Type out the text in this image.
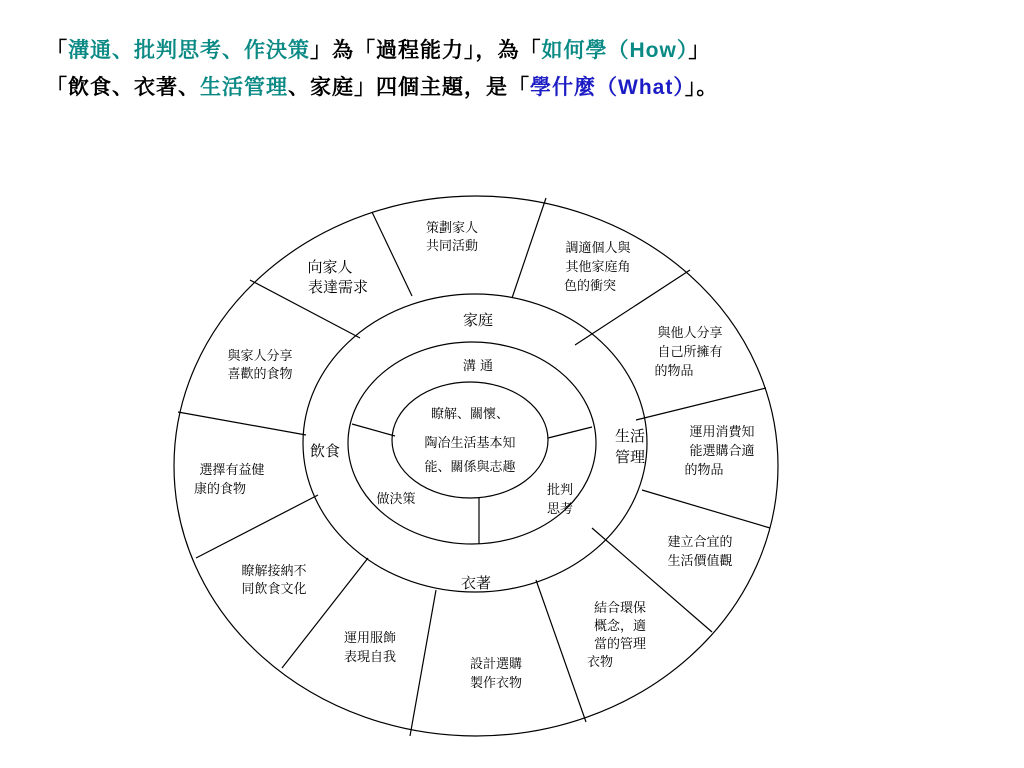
「溝通、批判思考、作決策」為「過程能力」，為「如何學（How）」
「飲食、衣著、生活管理、家庭」四個主題，是「學什麼（What）」。
瞭解、關懷、
陶冶生活基本知
能、關係與志趣
溝 通
批判
思考
做決策
家庭
飲食
生活
管理
衣著
策劃家人
共同活動	調適個人與
其他家庭角
色的衝突
與他人分享
自己所擁有
的物品
運用消費知
能選購合適
的物品
建立合宜的
生活價值觀
結合環保
概念，適
當的管理
衣物
設計選購
製作衣物
運用服飾
表現自我
瞭解接納不
同飲食文化
選擇有益健
康的食物
與家人分享
喜歡的食物
向家人
表達需求
